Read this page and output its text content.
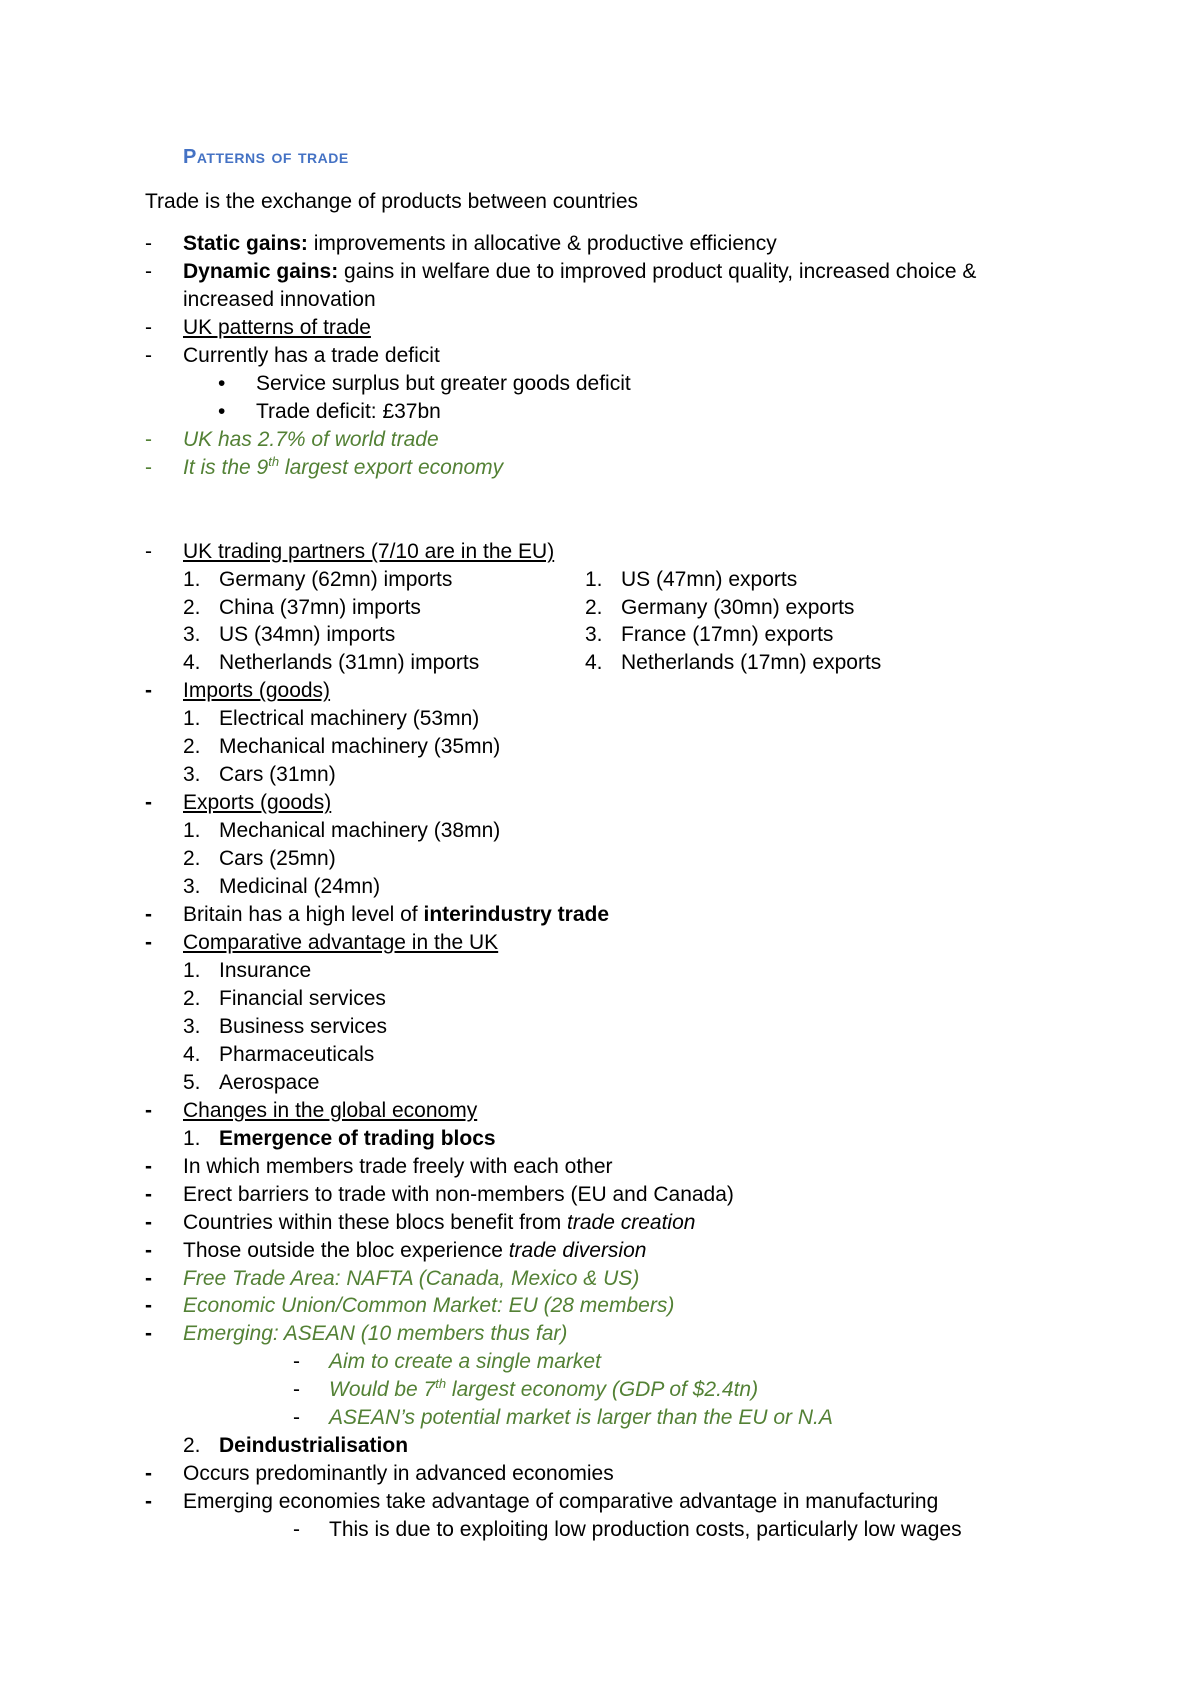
Patterns of trade
Trade is the exchange of products between countries
-	Static gains: improvements in allocative & productive efficiency
-	Dynamic gains: gains in welfare due to improved product quality, increased choice &
increased innovation
-	UK patterns of trade
-	Currently has a trade deficit
• Service surplus but greater goods deficit
• Trade deficit: £37bn
-	UK has 2.7% of world trade
-	It is the 9th largest export economy
-	UK trading partners (7/10 are in the EU)
1. Germany (62mn) imports
2. China (37mn) imports
3. US (34mn) imports
4. Netherlands (31mn) imports
1. US (47mn) exports
2. Germany (30mn) exports
3. France (17mn) exports
4. Netherlands (17mn) exports
-	Imports (goods)
1. Electrical machinery (53mn)
2. Mechanical machinery (35mn)
3. Cars (31mn)
-	Exports (goods)
1. Mechanical machinery (38mn)
2. Cars (25mn)
3. Medicinal (24mn)
-	Britain has a high level of interindustry trade
-	Comparative advantage in the UK
1. Insurance
2. Financial services
3. Business services
4. Pharmaceuticals
5. Aerospace
-	Changes in the global economy
1. Emergence of trading blocs
-	In which members trade freely with each other
-	Erect barriers to trade with non-members (EU and Canada)
-	Countries within these blocs benefit from trade creation
-	Those outside the bloc experience trade diversion
-	Free Trade Area: NAFTA (Canada, Mexico & US)
-	Economic Union/Common Market: EU (28 members)
-	Emerging: ASEAN (10 members thus far)
-	Aim to create a single market
-	Would be 7th largest economy (GDP of $2.4tn)
-	ASEAN’s potential market is larger than the EU or N.A
2. Deindustrialisation
-	Occurs predominantly in advanced economies
-	Emerging economies take advantage of comparative advantage in manufacturing
-	This is due to exploiting low production costs, particularly low wages
